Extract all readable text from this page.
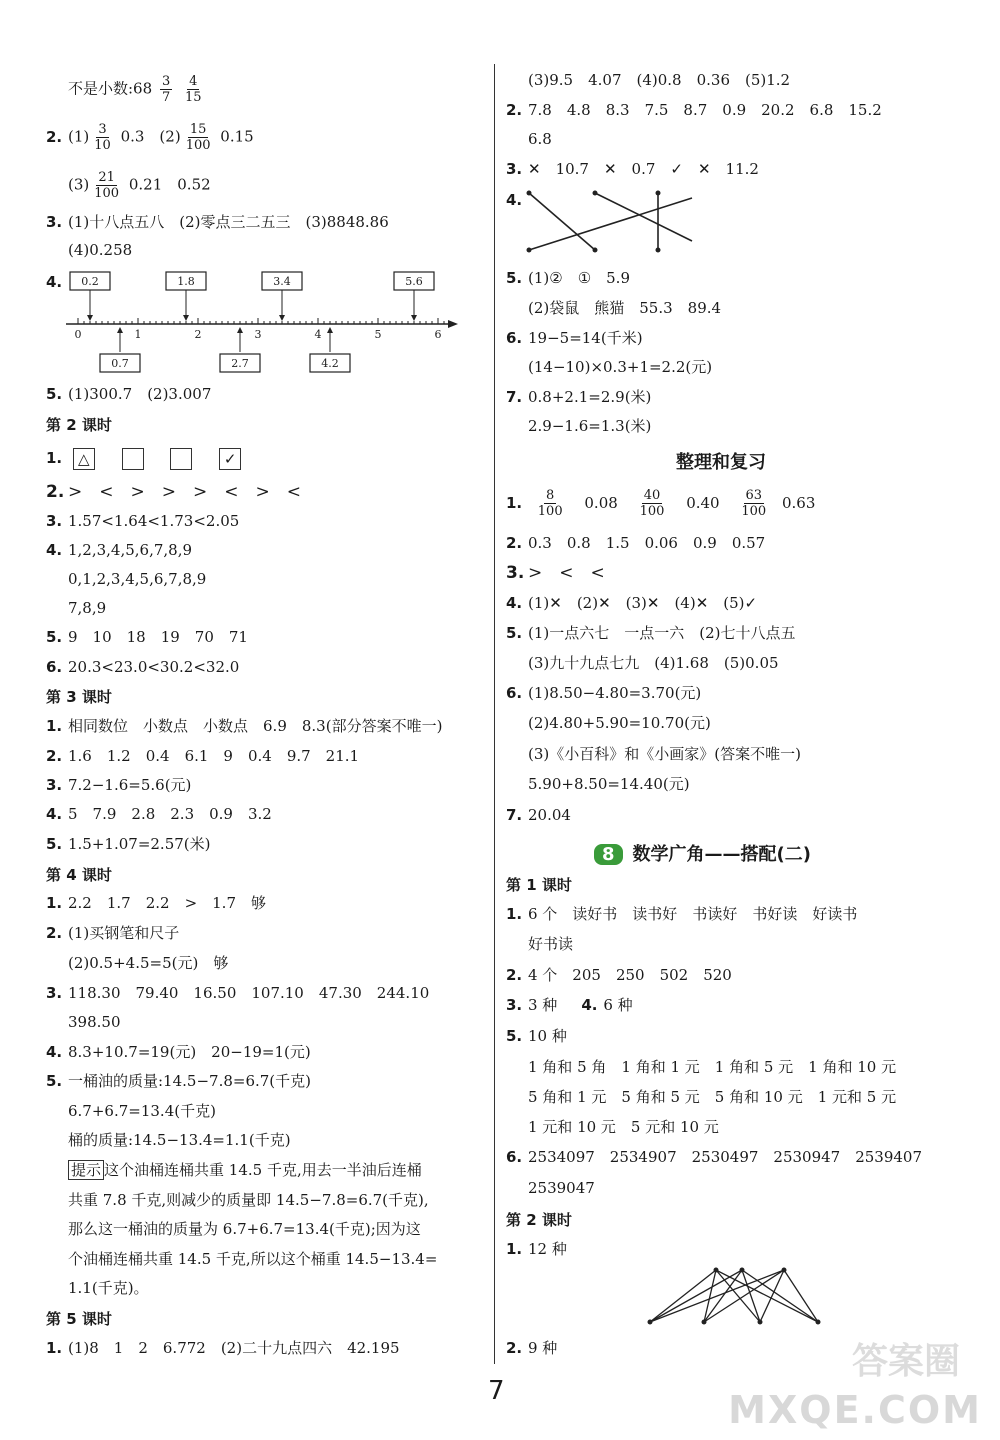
不是小数:68 $\frac{3}{7}$
$\frac{4}{15}$
2. $(1) \frac{3}{10} 0.3$　$(2) \frac{15}{100} 0.15$
$(3) \frac{21}{100} 0.21$　0.52
3. (1)十八点五八　(2)零点三二五三　(3)8848.86
(4)0.258
4.
0	1	2	3	4	5	6
0.2	1.8	3.4	5.6
0.7	2.7	4.2
5. (1)300.7　(2)3.007
第 2 课时
1. △	✓
2. >　<　>　>　>　<　>　<
3. 1.57<1.64<1.73<2.05
4. 1,2,3,4,5,6,7,8,9
0,1,2,3,4,5,6,7,8,9
7,8,9
5. 9　10　18　19　70　71
6. 20.3<23.0<30.2<32.0
第 3 课时
1. 相同数位　小数点　小数点　6.9　8.3(部分答案不唯一)
2. 1.6　1.2　0.4　6.1　9　0.4　9.7　21.1
3. 7.2−1.6=5.6(元)
4. 5　7.9　2.8　2.3　0.9　3.2
5. 1.5+1.07=2.57(米)
第 4 课时
1. 2.2　1.7　2.2　>　1.7　够
2. (1)买钢笔和尺子
(2)0.5+4.5=5(元)　够
3. 118.30　79.40　16.50　107.10　47.30　244.10
398.50
4. 8.3+10.7=19(元)　20−19=1(元)
5. 一桶油的质量:14.5−7.8=6.7(千克)
6.7+6.7=13.4(千克)
桶的质量:14.5−13.4=1.1(千克)
提示 这个油桶连桶共重 14.5 千克,用去一半油后连桶
共重 7.8 千克,则减少的质量即 14.5−7.8=6.7(千克),
那么这一桶油的质量为 6.7+6.7=13.4(千克);因为这
个油桶连桶共重 14.5 千克,所以这个桶重 14.5−13.4=
1.1(千克)。
第 5 课时
1. (1)8　1　2　6.772　(2)二十九点四六　42.195
(3)9.5　4.07　(4)0.8　0.36　(5)1.2
2. 7.8　4.8　8.3　7.5　8.7　0.9　20.2　6.8　15.2
6.8
3. ✕　10.7　✕　0.7　✓　✕　11.2
4.
5. (1)②　①　5.9
(2)袋鼠　熊猫　55.3　89.4
6. 19−5=14(千米)
(14−10)×0.3+1=2.2(元)
7. 0.8+2.1=2.9(米)
2.9−1.6=1.3(米)
整理和复习
1. $\frac{8}{100} 0.08 \frac{40}{100} 0.40 \frac{63}{100} 0.63$
2. 0.3　0.8　1.5　0.06　0.9　0.57
3. >　<　<
4. (1)✕　(2)✕　(3)✕　(4)✕　(5)✓
5. (1)一点六七　一点一六　(2)七十八点五
(3)九十九点七九　(4)1.68　(5)0.05
6. (1)8.50−4.80=3.70(元)
(2)4.80+5.90=10.70(元)
(3)《小百科》和《小画家》(答案不唯一)
5.90+8.50=14.40(元)
7. 20.04
8 数学广角——搭配(二)
第 1 课时
1. 6 个　读好书　读书好　书读好　书好读　好读书
好书读
2. 4 个　205　250　502　520
3. 3 种 4. 6 种
5. 10 种
1 角和 5 角　1 角和 1 元　1 角和 5 元　1 角和 10 元
5 角和 1 元　5 角和 5 元　5 角和 10 元　1 元和 5 元
1 元和 10 元　5 元和 10 元
6. 2534097　2534907　2530497　2530947　2539407
2539047
第 2 课时
1. 12 种
2. 9 种
7
答案圈
MXQE.COM
